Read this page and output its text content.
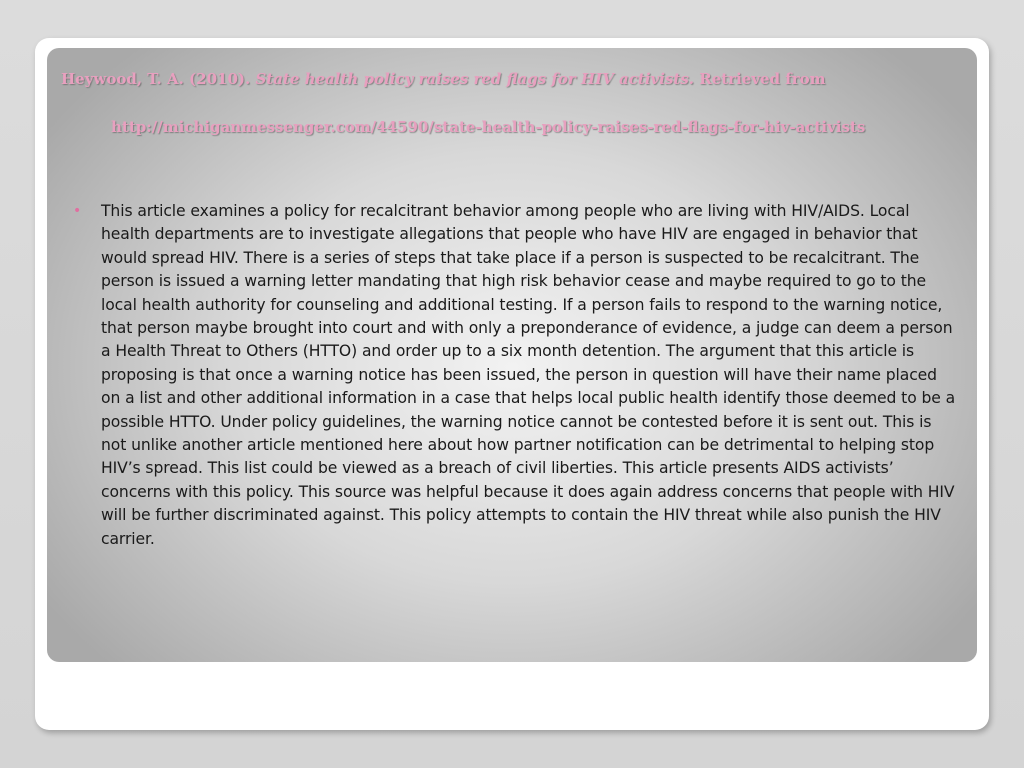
Heywood, T. A. (2010). State health policy raises red flags for HIV activists. Retrieved from
http://michiganmessenger.com/44590/state-health-policy-raises-red-flags-for-hiv-activists
•	This article examines a policy for recalcitrant behavior among people who are living with HIV/AIDS. Local health departments are to investigate allegations that people who have HIV are engaged in behavior that would spread HIV. There is a series of steps that take place if a person is suspected to be recalcitrant. The person is issued a warning letter mandating that high risk behavior cease and maybe required to go to the local health authority for counseling and additional testing. If a person fails to respond to the warning notice, that person maybe brought into court and with only a preponderance of evidence, a judge can deem a person a Health Threat to Others (HTTO) and order up to a six month detention. The argument that this article is proposing is that once a warning notice has been issued, the person in question will have their name placed on a list and other additional information in a case that helps local public health identify those deemed to be a possible HTTO. Under policy guidelines, the warning notice cannot be contested before it is sent out. This is not unlike another article mentioned here about how partner notification can be detrimental to helping stop HIV’s spread. This list could be viewed as a breach of civil liberties. This article presents AIDS activists’ concerns with this policy. This source was helpful because it does again address concerns that people with HIV will be further discriminated against. This policy attempts to contain the HIV threat while also punish the HIV carrier.
